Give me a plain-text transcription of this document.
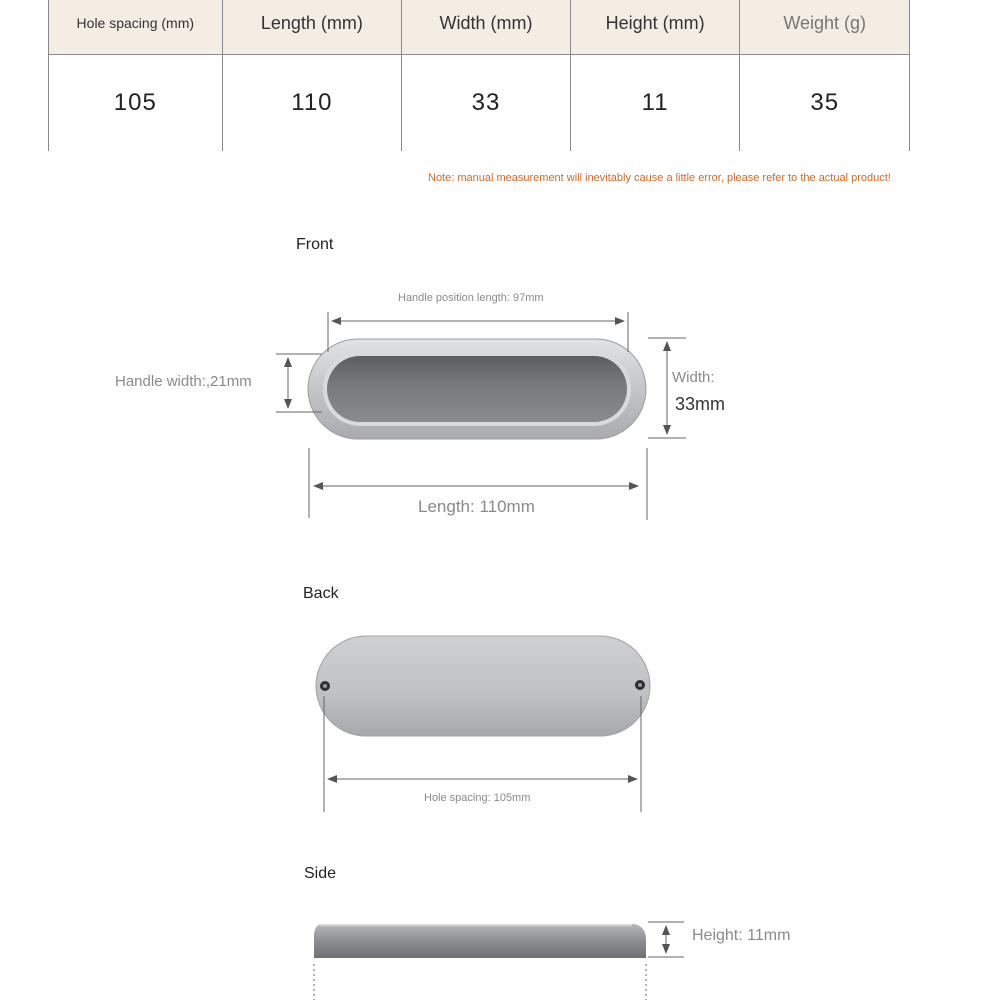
Hole spacing (mm)	Length (mm)	Width (mm)	Height (mm)	Weight (g)
105	110	33	11	35
Note: manual measurement will inevitably cause a little error, please refer to the actual product!
Front
Handle position length: 97mm
Handle width:,21mm	Width:
33mm
Length: 110mm
Back
Hole spacing: 105mm
Side
Height: 11mm
